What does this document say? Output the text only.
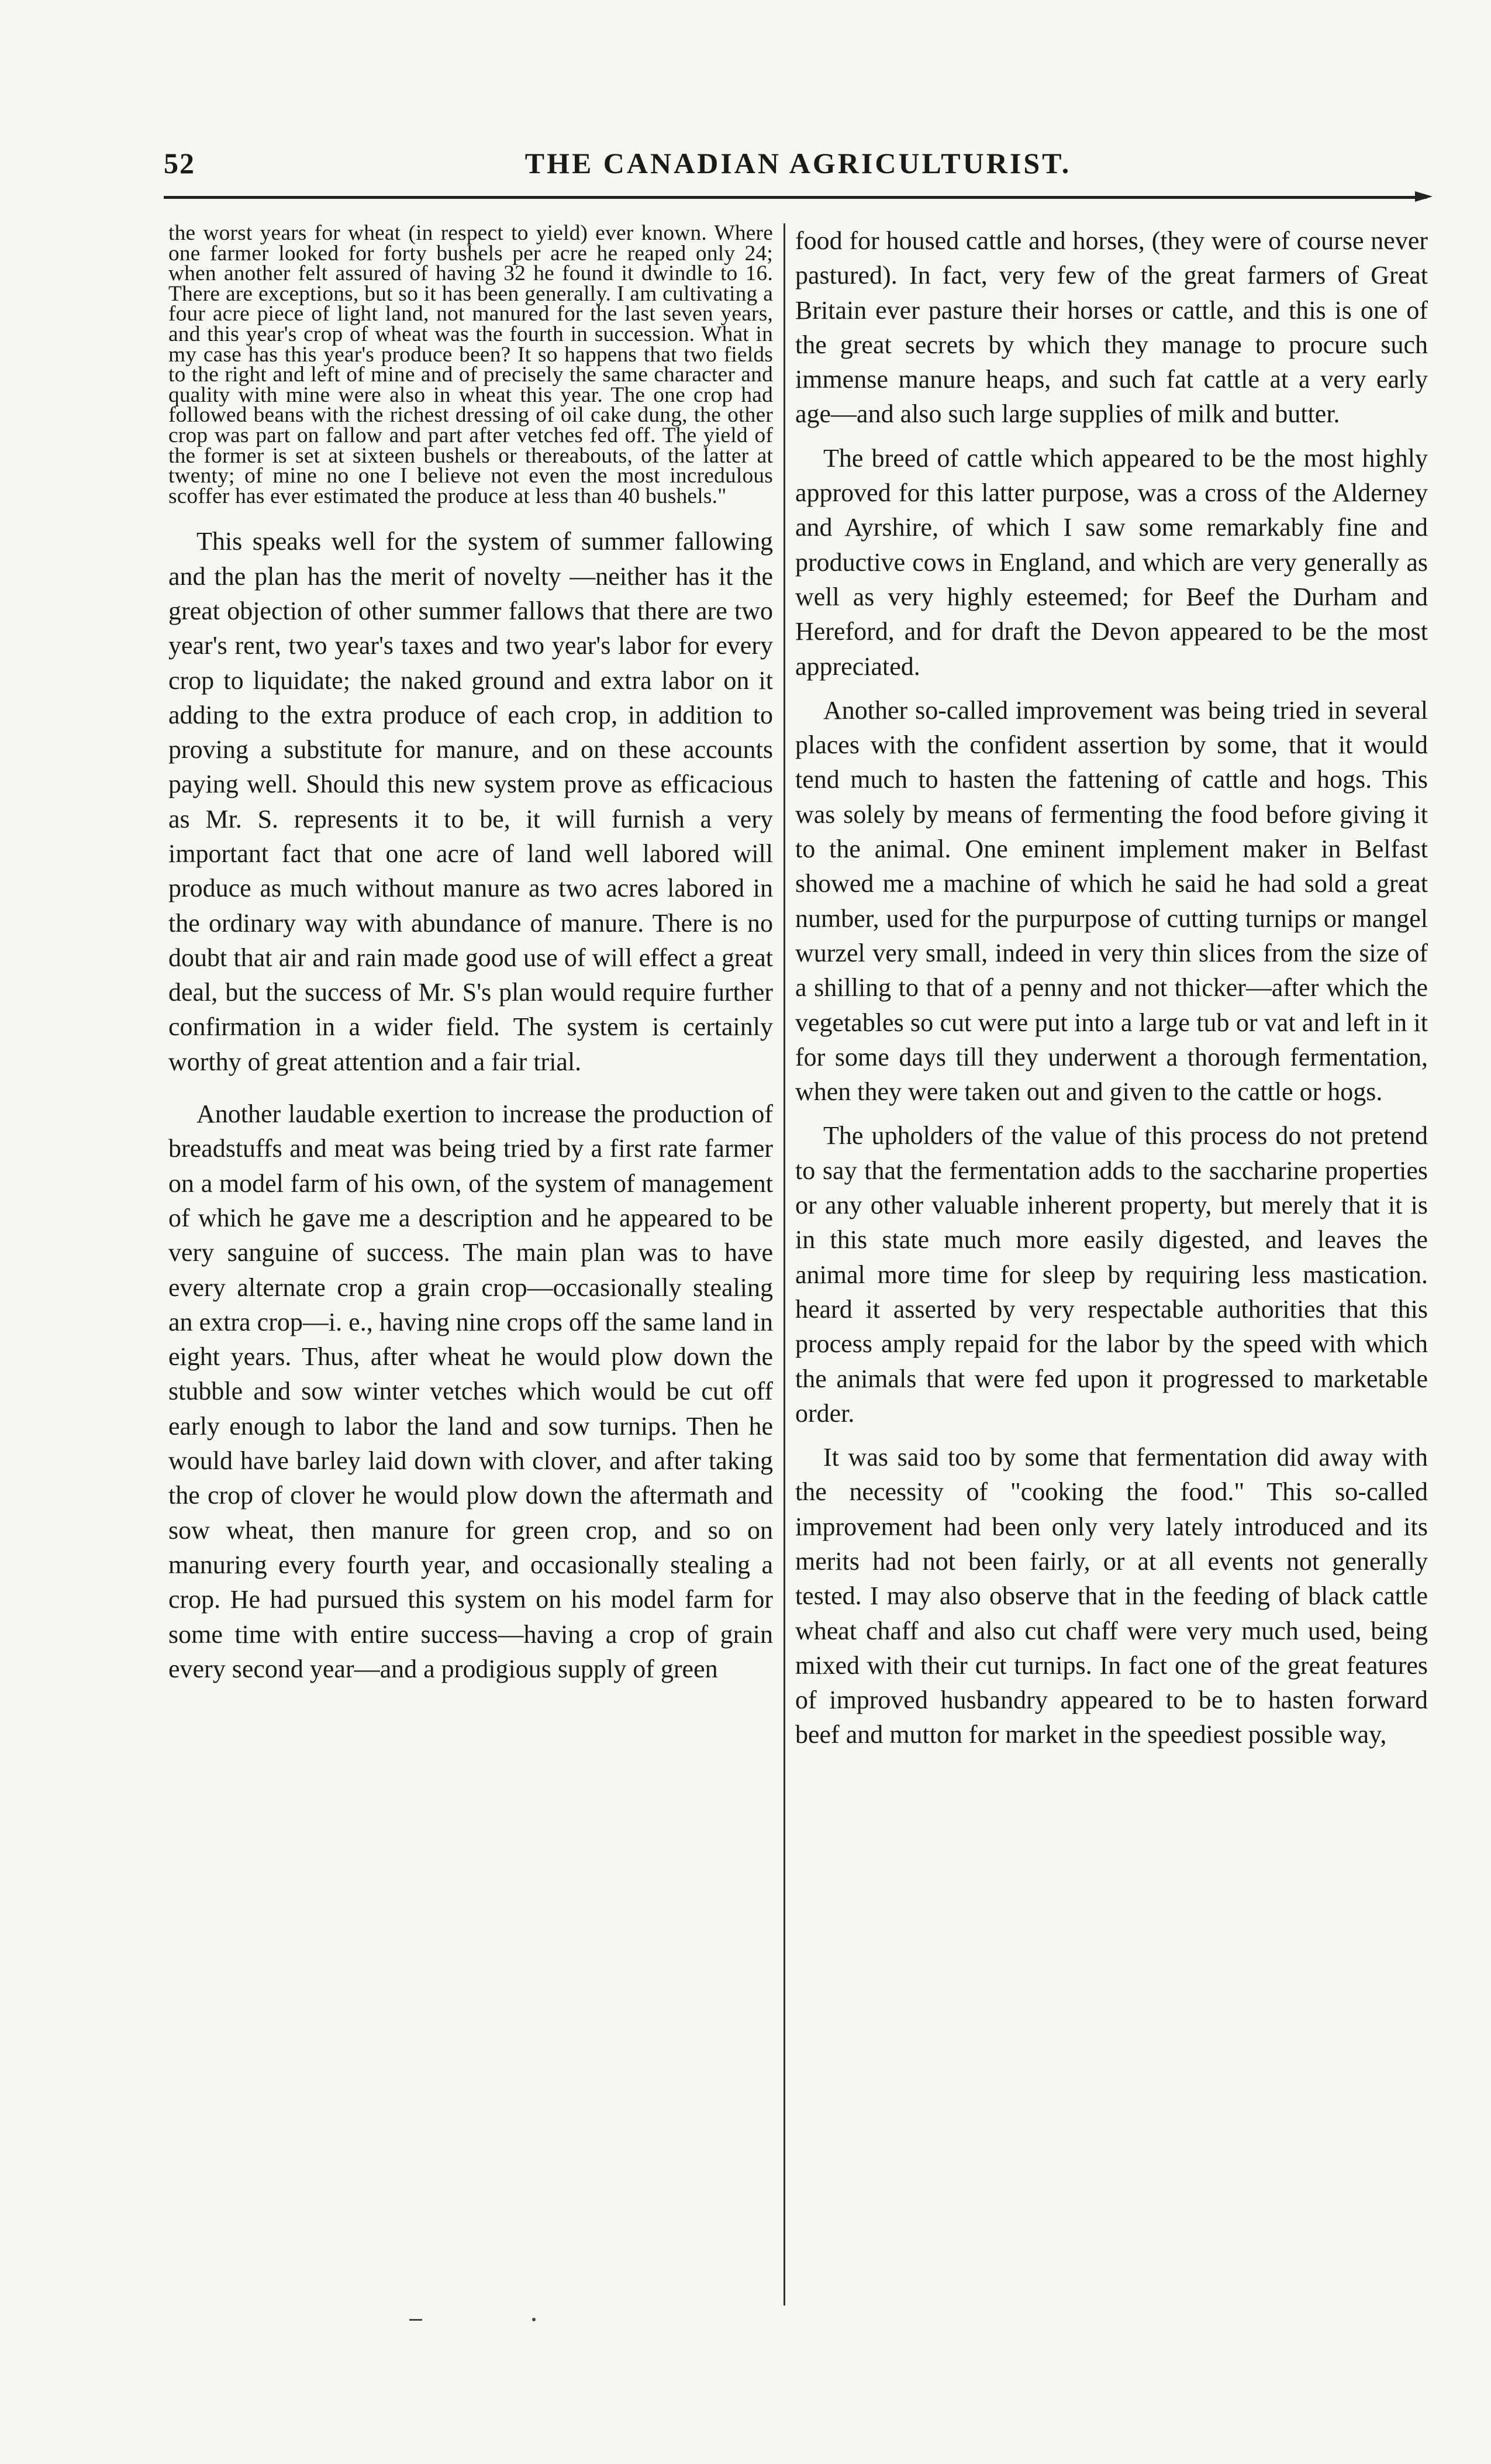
52	THE CANADIAN AGRICULTURIST.

the worst years for wheat (in respect to yield) ever known. Where one farmer looked for forty bushels per acre he reaped only 24; when another felt assured of having 32 he found it dwindle to 16. There are exceptions, but so it has been generally. I am cultivating a four acre piece of light land, not manured for the last seven years, and this year's crop of wheat was the fourth in succession. What in my case has this year's produce been? It so happens that two fields to the right and left of mine and of precisely the same character and quality with mine were also in wheat this year. The one crop had followed beans with the richest dressing of oil cake dung, the other crop was part on fallow and part after vetches fed off. The yield of the former is set at sixteen bushels or thereabouts, of the latter at twenty; of mine no one I believe not even the most incredulous scoffer has ever estimated the produce at less than 40 bushels."

This speaks well for the system of summer fallowing and the plan has the merit of novelty —neither has it the great objection of other summer fallows that there are two year's rent, two year's taxes and two year's labor for every crop to liquidate; the naked ground and extra labor on it adding to the extra produce of each crop, in addition to proving a substitute for manure, and on these accounts paying well. Should this new system prove as efficacious as Mr. S. represents it to be, it will furnish a very important fact that one acre of land well labored will produce as much without manure as two acres labored in the ordinary way with abundance of manure. There is no doubt that air and rain made good use of will effect a great deal, but the success of Mr. S's plan would require further confirmation in a wider field. The system is certainly worthy of great attention and a fair trial.

Another laudable exertion to increase the production of breadstuffs and meat was being tried by a first rate farmer on a model farm of his own, of the system of management of which he gave me a description and he appeared to be very sanguine of success. The main plan was to have every alternate crop a grain crop—occasionally stealing an extra crop—i. e., having nine crops off the same land in eight years. Thus, after wheat he would plow down the stubble and sow winter vetches which would be cut off early enough to labor the land and sow turnips. Then he would have barley laid down with clover, and after taking the crop of clover he would plow down the aftermath and sow wheat, then manure for green crop, and so on manuring every fourth year, and occasionally stealing a crop. He had pursued this system on his model farm for some time with entire success—having a crop of grain every second year—and a prodigious supply of green

food for housed cattle and horses, (they were of course never pastured). In fact, very few of the great farmers of Great Britain ever pasture their horses or cattle, and this is one of the great secrets by which they manage to procure such immense manure heaps, and such fat cattle at a very early age—and also such large supplies of milk and butter.

The breed of cattle which appeared to be the most highly approved for this latter purpose, was a cross of the Alderney and Ayrshire, of which I saw some remarkably fine and productive cows in England, and which are very generally as well as very highly esteemed; for Beef the Durham and Hereford, and for draft the Devon appeared to be the most appreciated.

Another so-called improvement was being tried in several places with the confident assertion by some, that it would tend much to hasten the fattening of cattle and hogs. This was solely by means of fermenting the food before giving it to the animal. One eminent implement maker in Belfast showed me a machine of which he said he had sold a great number, used for the purpurpose of cutting turnips or mangel wurzel very small, indeed in very thin slices from the size of a shilling to that of a penny and not thicker—after which the vegetables so cut were put into a large tub or vat and left in it for some days till they underwent a thorough fermentation, when they were taken out and given to the cattle or hogs.

The upholders of the value of this process do not pretend to say that the fermentation adds to the saccharine properties or any other valuable inherent property, but merely that it is in this state much more easily digested, and leaves the animal more time for sleep by requiring less mastication. heard it asserted by very respectable authorities that this process amply repaid for the labor by the speed with which the animals that were fed upon it progressed to marketable order.

It was said too by some that fermentation did away with the necessity of "cooking the food." This so-called improvement had been only very lately introduced and its merits had not been fairly, or at all events not generally tested. I may also observe that in the feeding of black cattle wheat chaff and also cut chaff were very much used, being mixed with their cut turnips. In fact one of the great features of improved husbandry appeared to be to hasten forward beef and mutton for market in the speediest possible way,
